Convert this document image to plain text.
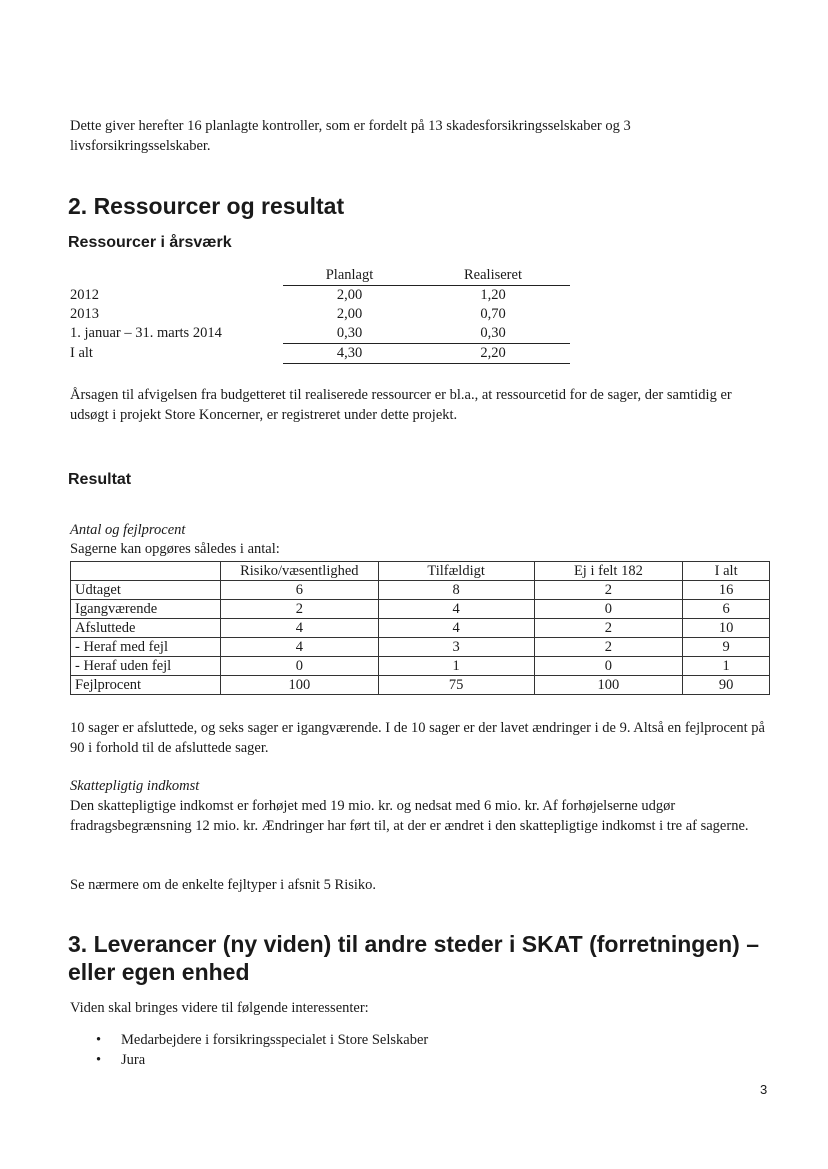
Dette giver herefter 16 planlagte kontroller, som er fordelt på 13 skadesforsikringsselskaber og 3 livsforsikringsselskaber.

2. Ressourcer og resultat
Ressourcer i årsværk
	Planlagt	Realiseret
2012	2,00	1,20
2013	2,00	0,70
1. januar – 31. marts 2014	0,30	0,30
I alt	4,30	2,20

Årsagen til afvigelsen fra budgetteret til realiserede ressourcer er bl.a., at ressourcetid for de sager, der samtidig er udsøgt i projekt Store Koncerner, er registreret under dette projekt.

Resultat

Antal og fejlprocent

Sagerne kan opgøres således i antal:

	Risiko/væsentlighed	Tilfældigt	Ej i felt 182	I alt
Udtaget	6	8	2	16
Igangværende	2	4	0	6
Afsluttede	4	4	2	10
- Heraf med fejl	4	3	2	9
- Heraf uden fejl	0	1	0	1
Fejlprocent	100	75	100	90

10 sager er afsluttede, og seks sager er igangværende. I de 10 sager er der lavet ændringer i de 9. Altså en fejlprocent på 90 i forhold til de afsluttede sager.

Skattepligtig indkomst

Den skattepligtige indkomst er forhøjet med 19 mio. kr. og nedsat med 6 mio. kr. Af forhøjelserne udgør fradragsbegrænsning 12 mio. kr. Ændringer har ført til, at der er ændret i den skattepligtige indkomst i tre af sagerne.

Se nærmere om de enkelte fejltyper i afsnit 5 Risiko.

3. Leverancer (ny viden) til andre steder i SKAT (forretningen) – eller egen enhed

Viden skal bringes videre til følgende interessenter:

• Medarbejdere i forsikringsspecialet i Store Selskaber
• Jura
3
